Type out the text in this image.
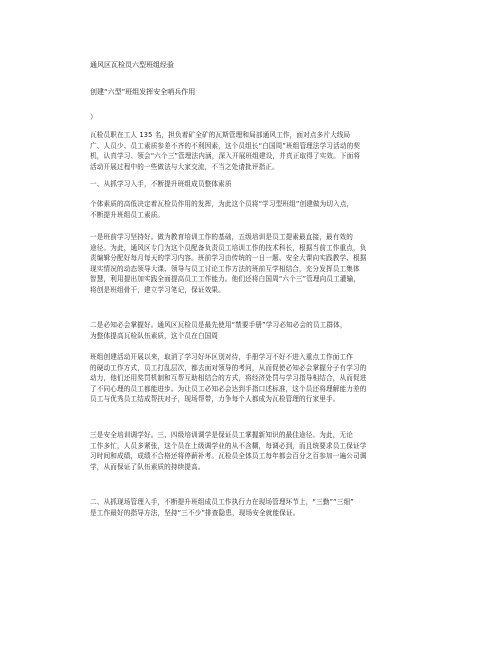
通风区瓦检员六型班组经验
创建“六型”班组发挥安全哨兵作用
）
瓦检员职在工人 135 名，担负着矿全矿的瓦斯管理和局部通风工作，面对点多片大线局
广、人员少、员工素质参差不齐的不利因素，这个员组长“白国周”班组管理法学习活动的契
机，认真学习、领会“六个三”管理法内涵，深入开展班组建设，并真正取得了实效。下面将
活动开展过程中的一些做法与大家交流，不当之处请批评指正。
一、从抓学习入手，不断提升班组成员整体素质
个体素质的高低决定着瓦检员作用的发挥，为此这个员将“学习型班组”创建做为切入点，
不断提升班组员工素质。
一是班前学习坚持好。做为教育培训工作的基础，五级培训是员工提素最直接，最有效的
途径。为此，通风区专门为这个员配备负责员工培训工作的技术科长，根据当前工作重点，负
责编辑分配好每月每天的学习内容。班前学习由传统的一日一题、安全大课向实践教学、根据
现实情况的动态领导大课、领导与员工讨论工作方法的班前互学相结合，充分发挥员工集体
智慧，利用提出加实践全面提高员工工作能力。他们还将白国周“六个三”管理向员工灌输，
将创是班组骨干，建立学习笔记，保证效果。
二是必知必会掌握好。通风区瓦检员是最先使用“禁要手册”学习必知必会的员工群体，
为整体提高瓦检队伍素质，这个员在白国周
班组创建活动开展以来，取消了学习好坏区别对待，手册学习不好不进入重点工作面工作
的硬动工作方式，员工打乱层次，都去面对领导的考问，从而促使必知必会掌握分子有学习的
动力，他们还用奖罚机制和互帮互助相结合的方式，将经济处罚与学习指导相结合，从而促进
了不同心理的员工都能进步。为让员工必知必会达到手指口述标准，这个员还将理解能力差的
员工与优秀员工结成帮扶对子，现场帮带，力争每个人都成为瓦检管理的行家里手。
三是安全培训调学好。三、四级培训调学是保证员工掌握新知识的最佳途径。为此，无论
工作多忙，人员多紧张，这个员在上级调学业的从不含糊，每调必到，而且统要求员工保证学
习时间和成绩，成绩不合格还将停薪补考。瓦检员全体员工每年都会百分之百参加一遍公司调
学，从而保证了队伍素质的持续提高。
二、从抓现场管理入手，不断提升班组成员工作执行力在现场管理环节上，“三勤”“三细”
是工作最好的指导方法，坚持“三不少”排查隐患，现场安全就能保证。
